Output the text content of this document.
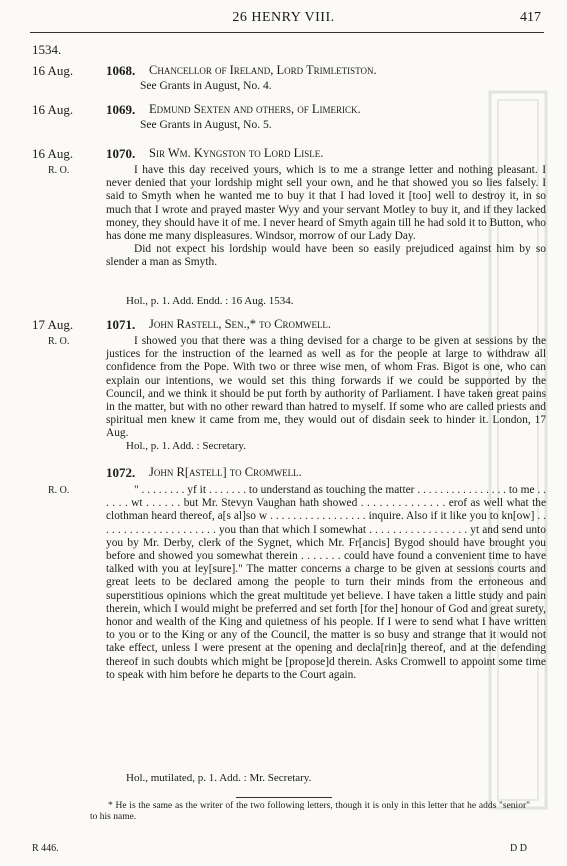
26 HENRY VIII.	417
1534.
16 Aug.	1068. Chancellor of Ireland, Lord Trimletiston.
See Grants in August, No. 4.
16 Aug.	1069. Edmund Sexten and others, of Limerick.
See Grants in August, No. 5.
16 Aug.
R. O.
1070. Sir Wm. Kyngston to Lord Lisle.

I have this day received yours, which is to me a strange letter and nothing pleasant. I never denied that your lordship might sell your own, and he that showed you so lies falsely. I said to Smyth when he wanted me to buy it that I had loved it [too] well to destroy it, in so much that I wrote and prayed master Wyy and your servant Motley to buy it, and if they lacked money, they should have it of me. I never heard of Smyth again till he had sold it to Button, who has done me many displeasures. Windsor, morrow of our Lady Day.

Did not expect his lordship would have been so easily prejudiced against him by so slender a man as Smyth.

Hol., p. 1. Add. Endd. : 16 Aug. 1534.
17 Aug.
R. O.
1071. John Rastell, Sen.,* to Cromwell.

I showed you that there was a thing devised for a charge to be given at sessions by the justices for the instruction of the learned as well as for the people at large to withdraw all confidence from the Pope. With two or three wise men, of whom Fras. Bigot is one, who can explain our intentions, we would set this thing forwards if we could be supported by the Council, and we think it should be put forth by authority of Parliament. I have taken great pains in the matter, but with no other reward than hatred to myself. If some who are called priests and spiritual men knew it came from me, they would out of disdain seek to hinder it. London, 17 Aug.

Hol., p. 1. Add. : Secretary.
R. O.
1072. John R[astell] to Cromwell.

" . . . . . . . . yf it . . . . . . . to understand as touching the matter . . . . . . . . . . . . . . . . to me . . . . . . wt . . . . . . but Mr. Stevyn Vaughan hath showed . . . . . . . . . . . . . . erof as well what the clothman heard thereof, a[s al]so w . . . . . . . . . . . . . . . . . inquire. Also if it like you to kn[ow] . . . . . . . . . . . . . . . . . . . . . you than that which I somewhat . . . . . . . . . . . . . . . . . yt and send unto you by Mr. Derby, clerk of the Sygnet, which Mr. Fr[ancis] Bygod should have brought you before and showed you somewhat therein . . . . . . . could have found a convenient time to have talked with you at ley[sure]." The matter concerns a charge to be given at sessions courts and great leets to be declared among the people to turn their minds from the erroneous and superstitious opinions which the great multitude yet believe. I have taken a little study and pain therein, which I would might be preferred and set forth [for the] honour of God and great surety, honor and wealth of the King and quietness of his people. If I were to send what I have written to you or to the King or any of the Council, the matter is so busy and strange that it would not take effect, unless I were present at the opening and decla[rin]g thereof, and at the defending thereof in such doubts which might be [propose]d therein. Asks Cromwell to appoint some time to speak with him before he departs to the Court again.

Hol., mutilated, p. 1. Add. : Mr. Secretary.
* He is the same as the writer of the two following letters, though it is only in this letter that he adds "senior" to his name.
R 446.	D D
